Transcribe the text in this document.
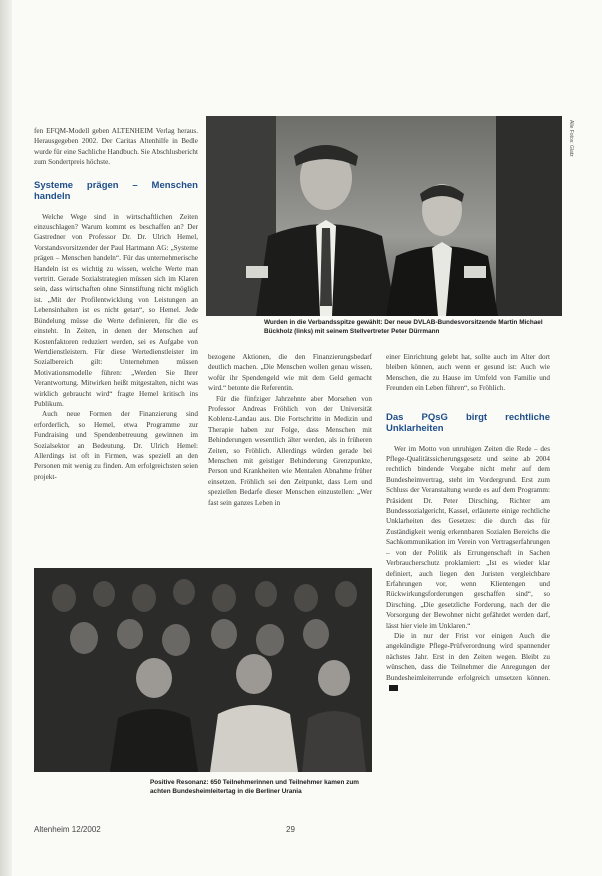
Alle Fotos: Glatz
Wurden in die Verbandsspitze gewählt: Der neue DVLAB-Bundesvorsitzende Martin Michael Bückholz (links) mit seinem Stellvertreter Peter Dürrmann

fen EFQM-Modell geben ALTENHEIM Verlag heraus. Herausgegeben 2002. Der Caritas Altenhilfe in Bedle wurde für eine Sachliche Handbuch. Sie Abschlusbericht zum Sondertpreis höchste.

Systeme prägen – Menschen handeln

Welche Wege sind in wirtschaftlichen Zeiten einzuschlagen? Warum kommt es beschaffen an? Der Gastredner von Professor Dr. Dr. Ulrich Hemel, Vorstandsvorsitzender der Paul Hartmann AG: „Systeme prägen – Menschen handeln“. Für das unternehmerische Handeln ist es wichtig zu wissen, welche Werte man vertritt. Gerade Sozialstrategien müssen sich im Klaren sein, dass wirtschaften ohne Sinnstiftung nicht möglich ist. „Mit der Profilentwicklung von Leistungen an Lebensinhalten ist es nicht getan“, so Hemel. Jede Bündelung müsse die Werte definieren, für die es einsteht. In Zeiten, in denen der Menschen auf Kostenfaktoren reduziert werden, sei es Aufgabe von Wertdienstleistern. Für diese Wertedienstleister im Sozialbereich gilt: Unternehmen müssen Motivationsmodelle führen: „Werden Sie Ihrer Verantwortung. Mitwirken heißt mitgestalten, nicht was wirklich gebraucht wird“ fragte Hemel kritisch ins Publikum.

Auch neue Formen der Finanzierung sind erforderlich, so Hemel, etwa Programme zur Fundraising und Spendenbetreuung gewinnen im Sozialsektor an Bedeutung. Dr. Ulrich Hemel: Allerdings ist oft in Firmen, was speziell an den Personen mit wenig zu finden. Am erfolgreichsten seien projekt-

bezogene Aktionen, die den Finanzierungsbedarf deutlich machen. „Die Menschen wollen genau wissen, wofür ihr Spendengeld wie mit dem Geld gemacht wird.“ betonte die Referentin.

Für die fünfziger Jahrzehnte aber Morsehen von Professor Andreas Fröhlich von der Universität Koblenz-Landau aus. Die Fortschritte in Medizin und Therapie haben zur Folge, dass Menschen mit Behinderungen wesentlich älter werden, als in früheren Zeiten, so Fröhlich. Allerdings würden gerade bei Menschen mit geistiger Behinderung Grenzpunkte, Person und Krankheiten wie Mentalen Abnahme früher einsetzen. Fröhlich sei den Zeitpunkt, dass Lern und speziellen Bedarfe dieser Menschen einzustellen: „Wer fast sein ganzes Leben in

einer Einrichtung gelebt hat, sollte auch im Alter dort bleiben können, auch wenn er gesund ist: Auch wie Menschen, die zu Hause im Umfeld von Familie und Freunden ein Leben führen“, so Fröhlich.

Das PQsG birgt rechtliche Unklarheiten

Wer im Motto von unruhigen Zeiten die Rede – des Pflege-Qualitätssicherungsgesetz und seine ab 2004 rechtlich bindende Vorgabe nicht mehr auf dem Bundesheimvertrag, steht im Vordergrund. Erst zum Schluss der Veranstaltung wurde es auf dem Programm: Präsident Dr. Peter Dirsching, Richter am Bundessozialgericht, Kassel, erläuterte einige rechtliche Unklarheiten des Gesetzes: die durch das für Zuständigkeit wenig erkennbaren Sozialen Bereichs die Sachkommunikation im Verein von Vertragserfahrungen – von der Politik als Errungenschaft in Sachen Verbraucherschutz proklamiert: „Ist es wieder klar definiert, auch liegen den Juristen vergleichbare Erfahrungen vor, wenn Klientengen und Rückwirkungsforderungen geschaffen sind“, so Dirsching. „Die gesetzliche Forderung, nach der die Vorsorgung der Bewohner nicht gefährdet werden darf, lässt hier viele im Unklaren.“

Die in nur der Frist vor einigen Auch die angekündigte Pflege-Prüfverordnung wird spannender nächstes Jahr. Erst in den Zeiten wegen. Bleibt zu wünschen, dass die Teilnehmer die Anregungen der Bundesheimleiterrunde erfolgreich umsetzen können.

Positive Resonanz: 650 Teilnehmerinnen und Teilnehmer kamen zum achten Bundesheimleitertag in die Berliner Urania
Altenheim 12/2002	29
